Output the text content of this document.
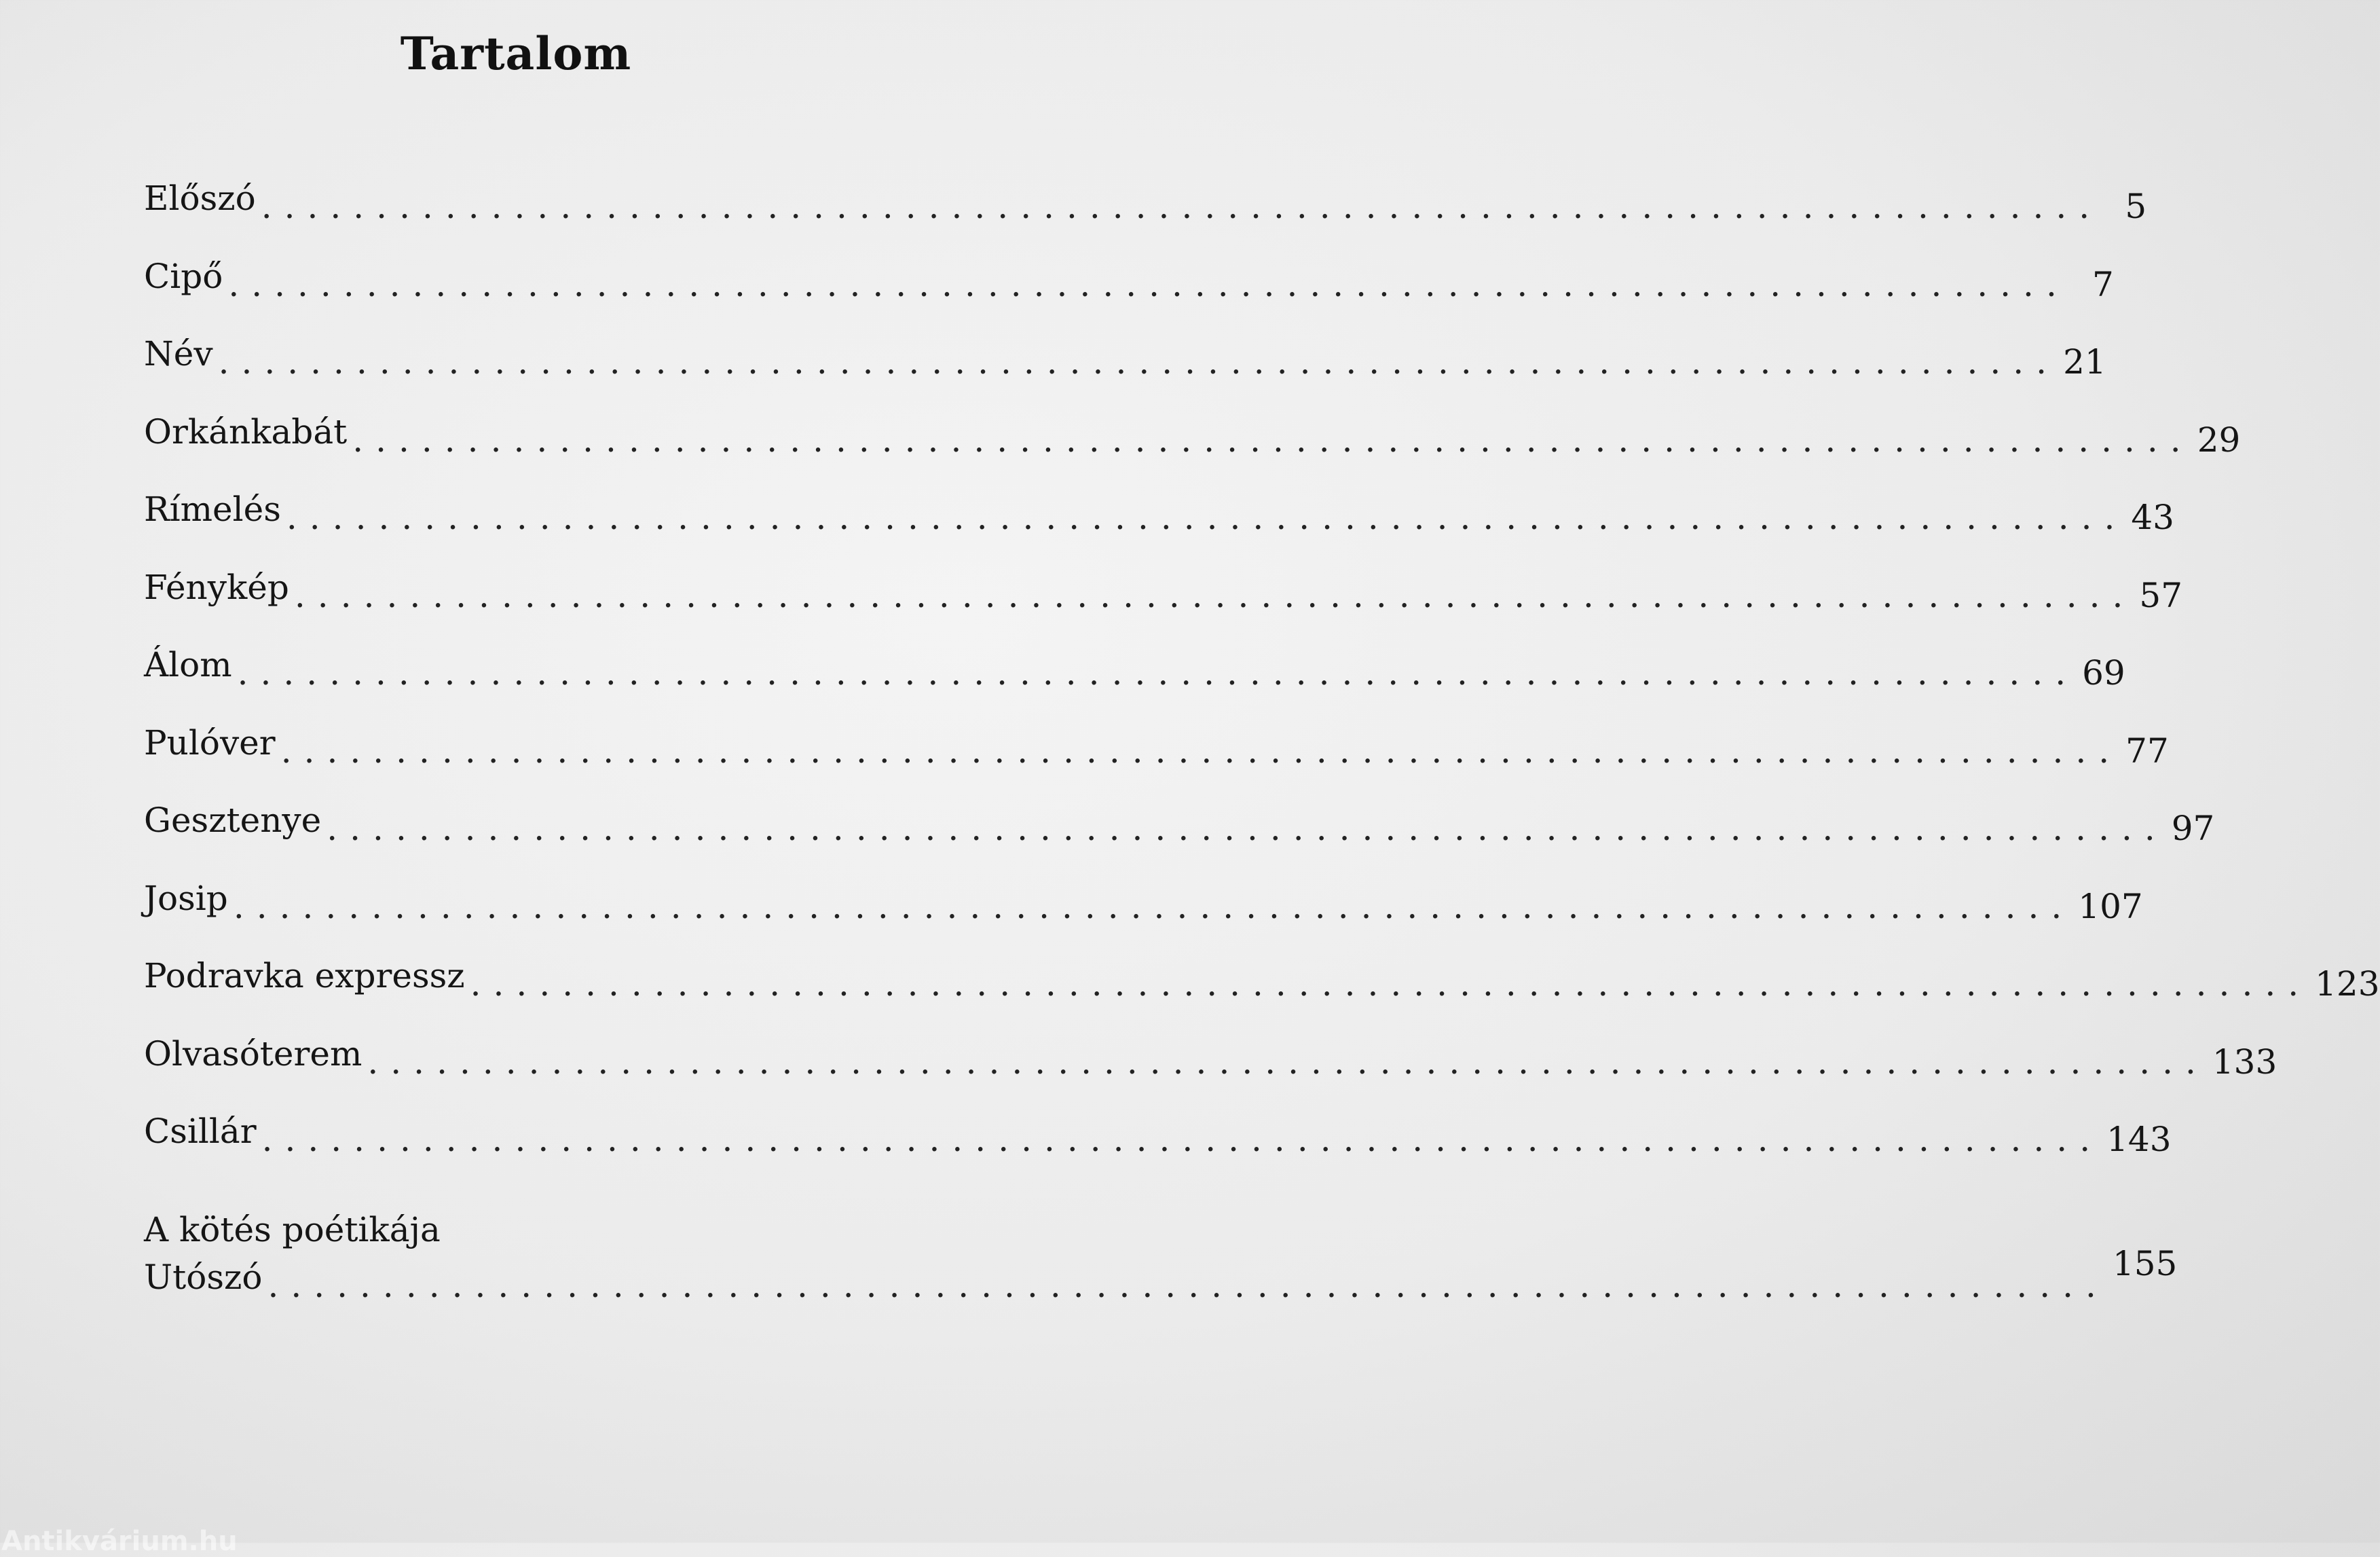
Tartalom
Előszó ................................................................................ 5
Cipő ................................................................................ 7
Név ................................................................................ 21
Orkánkabát ................................................................................ 29
Rímelés ................................................................................ 43
Fénykép ................................................................................ 57
Álom ................................................................................ 69
Pulóver ................................................................................ 77
Gesztenye ................................................................................ 97
Josip ................................................................................ 107
Podravka expressz ................................................................................ 123
Olvasóterem ................................................................................ 133
Csillár ................................................................................ 143
A kötés poétikája
Utószó ................................................................................
155
Antikvárium.hu
